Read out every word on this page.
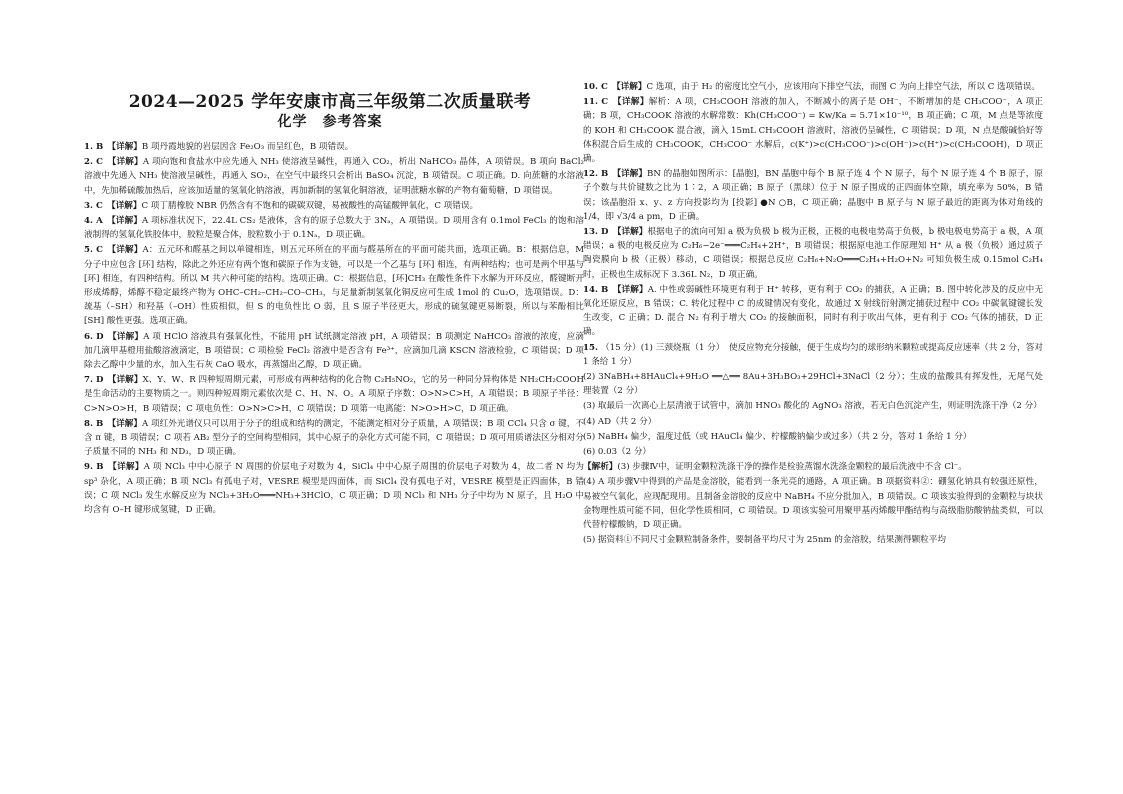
2024—2025 学年安康市高三年级第二次质量联考
化学　参考答案

1. B　【详解】B 项丹霞地貌的岩层因含 Fe₂O₃ 而呈红色，B 项错误。

2. C　【详解】A 项向饱和食盐水中应先通入 NH₃ 使溶液呈碱性，再通入 CO₂，析出 NaHCO₃ 晶体，A 项错误。B 项向 BaCl₂ 溶液中先通入 NH₃ 使溶液呈碱性，再通入 SO₂，在空气中最终只会析出 BaSO₄ 沉淀，B 项错误。C 项正确。D. 向蔗糖的水溶液中，先加稀硫酸加热后，应该加适量的氢氧化钠溶液，再加新制的氢氧化铜溶液，证明蔗糖水解的产物有葡萄糖，D 项错误。

3. C　【详解】C 项丁腈橡胶 NBR 仍然含有不饱和的碳碳双键，易被酸性的高锰酸钾氧化，C 项错误。

4. A　【详解】A 项标准状况下，22.4L CS₂ 是液体，含有的原子总数大于 3Nₐ，A 项错误。D 项用含有 0.1mol FeCl₃ 的饱和溶液制得的氢氧化铁胶体中，胶粒是聚合体，胶粒数小于 0.1Nₐ，D 项正确。

5. C　【详解】A：五元环和醛基之间以单键相连，则五元环所在的平面与醛基所在的平面可能共面，选项正确。B：根据信息，M 分子中应包含 [环] 结构，除此之外还应有两个饱和碳原子作为支链，可以是一个乙基与 [环] 相连，有两种结构；也可是两个甲基与 [环] 相连，有四种结构。所以 M 共六种可能的结构。选项正确。C：根据信息，[环]CH₃ 在酸性条件下水解为开环反应，醛键断开形成烯醇，烯醇不稳定最终产物为 OHC–CH₂–CH₂–CO–CH₃，与足量新制氢氧化铜反应可生成 1mol 的 Cu₂O，选项错误。D：巯基（–SH）和羟基（–OH）性质相似，但 S 的电负性比 O 弱，且 S 原子半径更大，形成的硫氢键更易断裂，所以与苯酚相比 [SH] 酸性更强。选项正确。

6. D　【详解】A 项 HClO 溶液具有强氧化性，不能用 pH 试纸测定溶液 pH，A 项错误；B 项测定 NaHCO₃ 溶液的浓度，应滴加几滴甲基橙用盐酸溶液滴定，B 项错误；C 项检验 FeCl₂ 溶液中是否含有 Fe³⁺，应滴加几滴 KSCN 溶液检验，C 项错误；D 项除去乙醇中少量的水，加入生石灰 CaO 吸水，再蒸馏出乙醇，D 项正确。

7. D　【详解】X、Y、W、R 四种短周期元素，可形成有两种结构的化合物 C₂H₅NO₂，它的另一种同分异构体是 NH₂CH₂COOH 是生命活动的主要物质之一。则四种短周期元素依次是 C、H、N、O。A 项原子序数：O>N>C>H，A 项错误；B 项原子半径：C>N>O>H，B 项错误；C 项电负性：O>N>C>H，C 项错误；D 项第一电离能：N>O>H>C，D 项正确。

8. B　【详解】A 项红外光谱仪只可以用于分子的组成和结构的测定，不能测定相对分子质量，A 项错误；B 项 CCl₄ 只含 σ 键，不含 π 键，B 项错误；C 项若 AB₂ 型分子的空间构型相同，其中心原子的杂化方式可能不同，C 项错误；D 项可用质谱法区分相对分子质量不同的 NH₃ 和 ND₃，D 项正确。

9. B　【详解】A 项 NCl₃ 中中心原子 N 周围的价层电子对数为 4，SiCl₄ 中中心原子周围的价层电子对数为 4，故二者 N 均为 sp³ 杂化，A 项正确；B 项 NCl₃ 有孤电子对，VESRE 模型是四面体，而 SiCl₄ 没有孤电子对，VESRE 模型是正四面体，B 错误；C 项 NCl₃ 发生水解反应为 NCl₃+3H₂O═══NH₃+3HClO，C 项正确；D 项 NCl₃ 和 NH₃ 分子中均为 N 原子，且 H₂O 中均含有 O–H 键形成氢键，D 正确。

10. C　【详解】C 选项，由于 H₂ 的密度比空气小，应该用向下排空气法，而图 C 为向上排空气法，所以 C 选项错误。

11. C　【详解】解析：A 项，CH₃COOH 溶液的加入，不断减小的离子是 OH⁻，不断增加的是 CH₃COO⁻，A 项正确；B 项，CH₃COOK 溶液的水解常数：Kh(CH₃COO⁻) = Kw/Ka = 5.71×10⁻¹⁰，B 项正确；C 项，M 点是等浓度的 KOH 和 CH₃COOK 混合液，滴入 15mL CH₃COOH 溶液时，溶液仍呈碱性，C 项错误；D 项，N 点是酸碱恰好等体积混合后生成的 CH₃COOK，CH₃COO⁻ 水解后，c(K⁺)>c(CH₃COO⁻)>c(OH⁻)>c(H⁺)>c(CH₃COOH)，D 项正确。

12. B　【详解】BN 的晶胞如图所示：[晶胞]，BN 晶胞中每个 B 原子连 4 个 N 原子，每个 N 原子连 4 个 B 原子，原子个数与共价键数之比为 1∶2，A 项正确；B 原子（黑球）位于 N 原子围成的正四面体空隙，填充率为 50%，B 错误；该晶胞沿 x、y、z 方向投影均为 [投影] ●N ○B，C 项正确；晶胞中 B 原子与 N 原子最近的距离为体对角线的 1/4，即 √3/4 a pm，D 正确。

13. D　【详解】根据电子的流向可知 a 极为负极 b 极为正极，正极的电极电势高于负极，b 极电极电势高于 a 极，A 项错误；a 极的电极反应为 C₂H₆−2e⁻═══C₂H₄+2H⁺，B 项错误；根据原电池工作原理知 H⁺ 从 a 极（负极）通过质子陶瓷膜向 b 极（正极）移动，C 项错误；根据总反应 C₂H₆+N₂O═══C₂H₄+H₂O+N₂ 可知负极生成 0.15mol C₂H₄ 时，正极也生成标况下 3.36L N₂，D 项正确。

14. B　【详解】A. 中性或弱碱性环境更有利于 H⁺ 转移，更有利于 CO₂ 的捕获，A 正确；B. 图中转化涉及的反应中无氧化还原反应，B 错误；C. 转化过程中 C 的成键情况有变化，故通过 X 射线衍射测定捕获过程中 CO₂ 中碳氧键键长发生改变，C 正确；D. 混合 N₂ 有利于增大 CO₂ 的接触面积，同时有利于吹出气体，更有利于 CO₂ 气体的捕获，D 正确。

15. （15 分）(1) 三颈烧瓶（1 分）　使反应物充分接触，便于生成均匀的球形纳米颗粒或提高反应速率（共 2 分，答对 1 条给 1 分）

(2) 3NaBH₄+8HAuCl₄+9H₂O ══△══ 8Au+3H₃BO₃+29HCl+3NaCl（2 分）；生成的盐酸具有挥发性，无尾气处理装置（2 分）

(3) 取最后一次离心上层清液于试管中，滴加 HNO₃ 酸化的 AgNO₃ 溶液，若无白色沉淀产生，则证明洗涤干净（2 分）

(4) AD（共 2 分）

(5) NaBH₄ 偏少，温度过低（或 HAuCl₄ 偏少、柠檬酸钠偏少或过多）（共 2 分，答对 1 条给 1 分）

(6) 0.03（2 分）

【解析】(3) 步骤Ⅳ中，证明金颗粒洗涤干净的操作是检验蒸馏水洗涤金颗粒的最后洗液中不含 Cl⁻。

(4) A 项步骤Ⅴ中得到的产品是金溶胶，能看到一条光亮的通路，A 项正确。B 项据资料②：硼氢化钠具有较强还原性，易被空气氧化，应现配现用。且制备金溶胶的反应中 NaBH₄ 不应分批加入，B 项错误。C 项该实验得到的金颗粒与块状金物理性质可能不同，但化学性质相同，C 项错误。D 项该实验可用聚甲基丙烯酸甲酯结构与高级脂肪酸钠盐类似，可以代替柠檬酸钠，D 项正确。

(5) 据资料①不同尺寸金颗粒制备条件，要制备平均尺寸为 25nm 的金溶胶，结果测得颗粒平均
